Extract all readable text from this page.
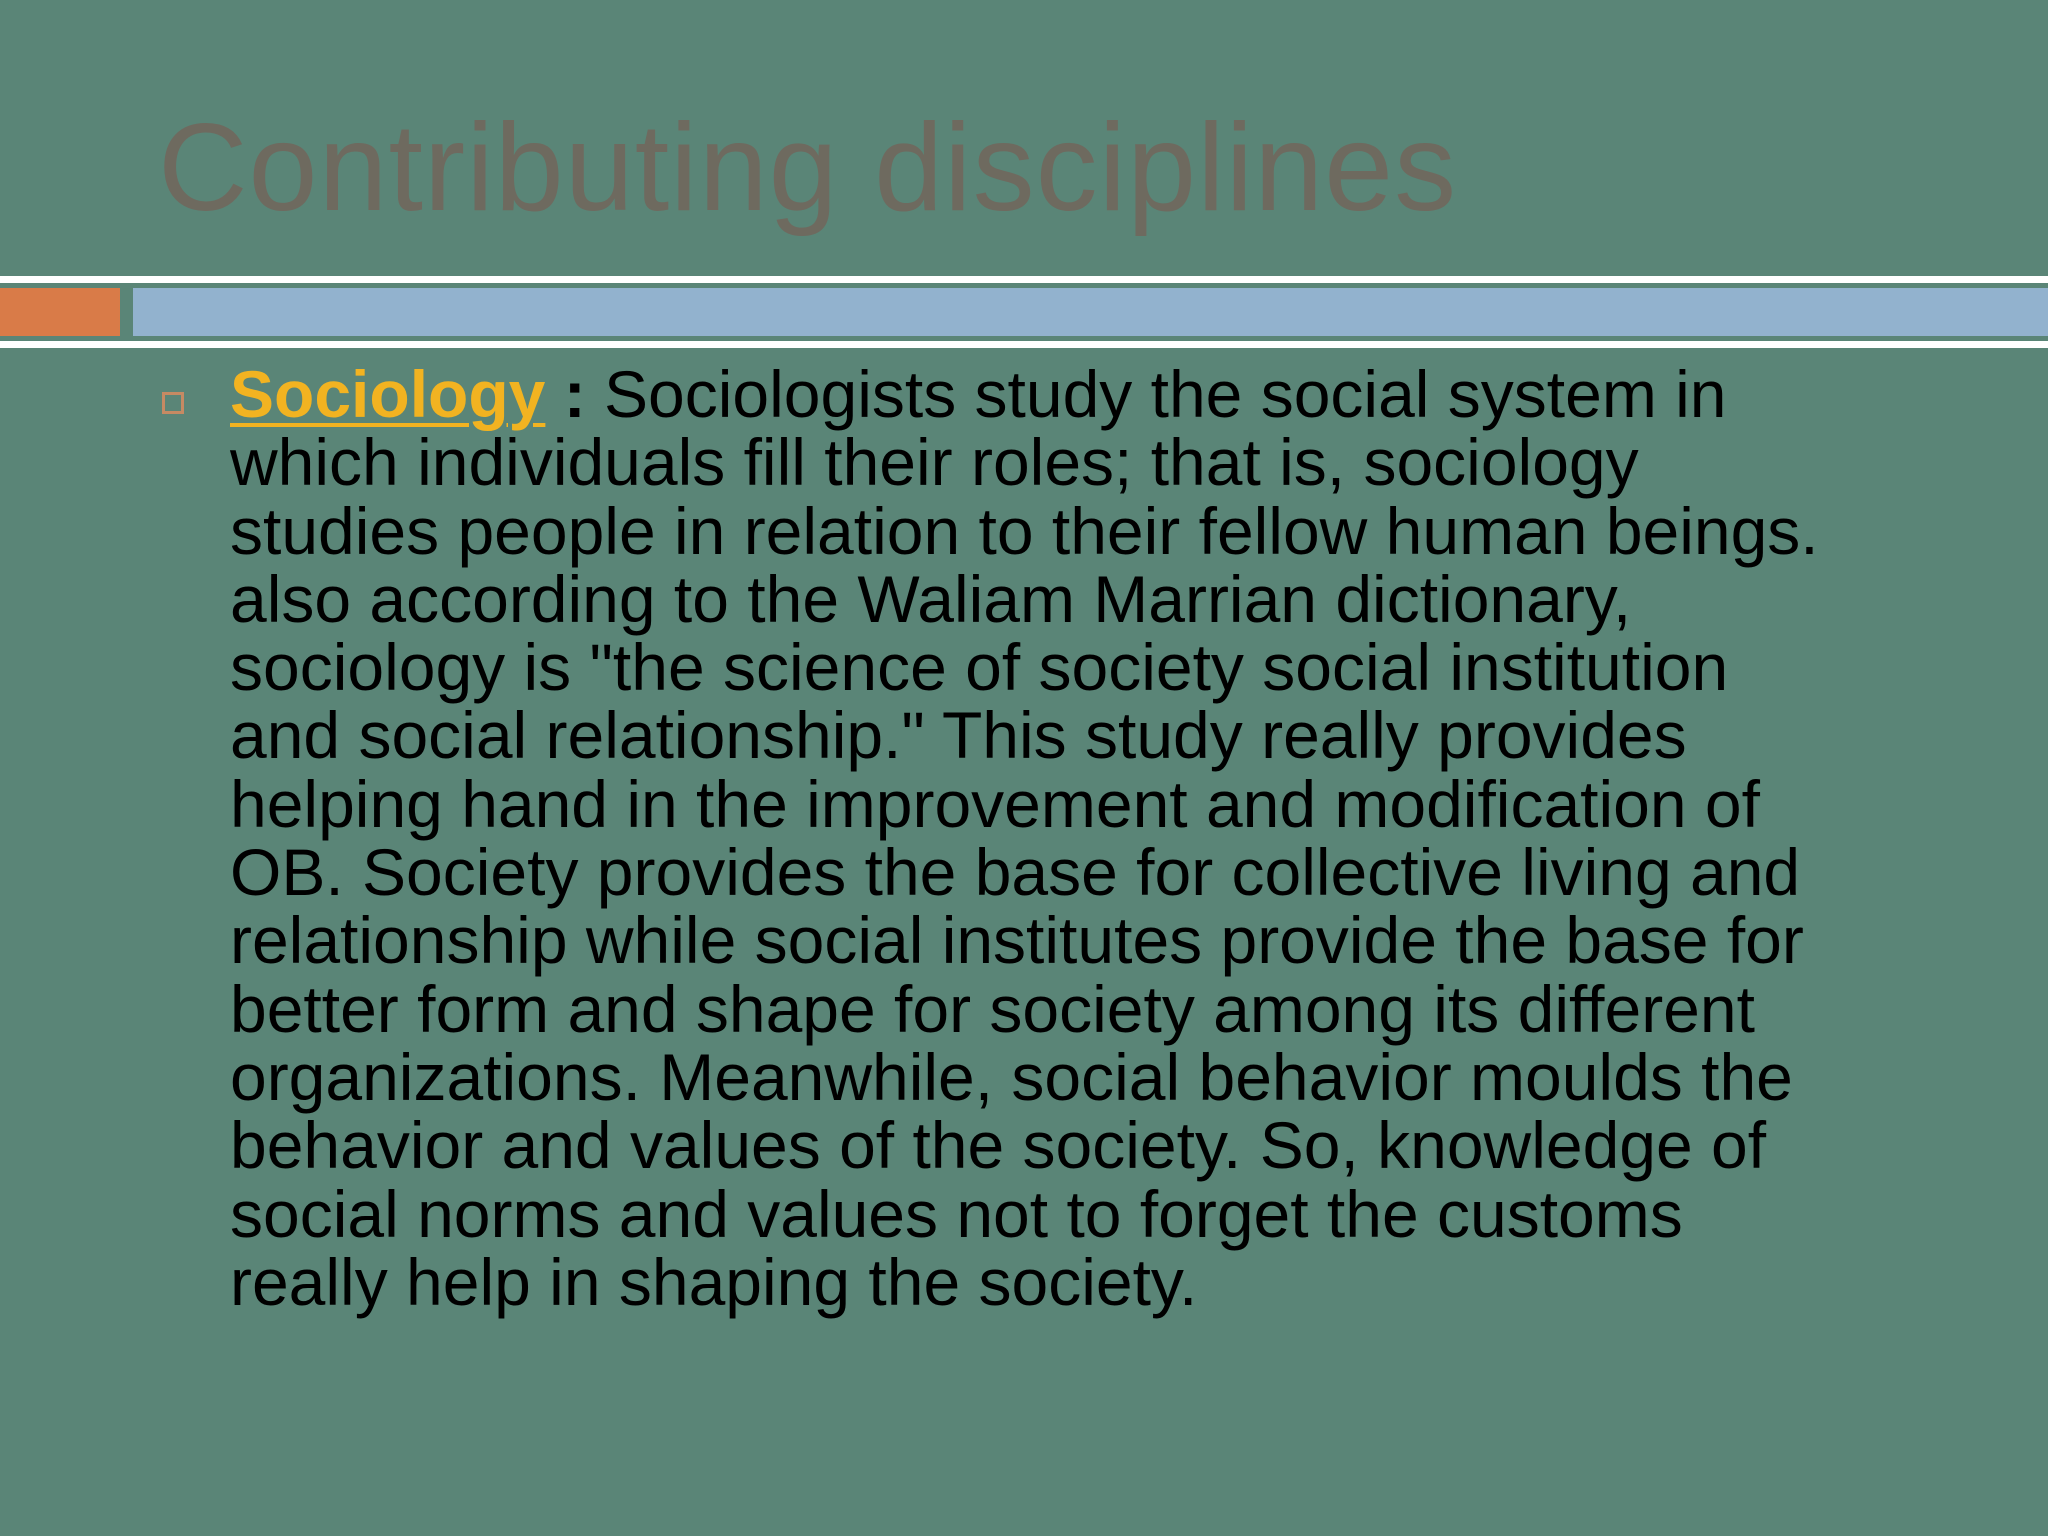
Contributing disciplines

Sociology : Sociologists study the social system in
which individuals fill their roles; that is, sociology
studies people in relation to their fellow human beings.
also according to the Waliam Marrian dictionary,
sociology is "the science of society social institution
and social relationship." This study really provides
helping hand in the improvement and modification of
OB. Society provides the base for collective living and
relationship while social institutes provide the base for
better form and shape for society among its different
organizations. Meanwhile, social behavior moulds the
behavior and values of the society. So, knowledge of
social norms and values not to forget the customs
really help in shaping the society.
